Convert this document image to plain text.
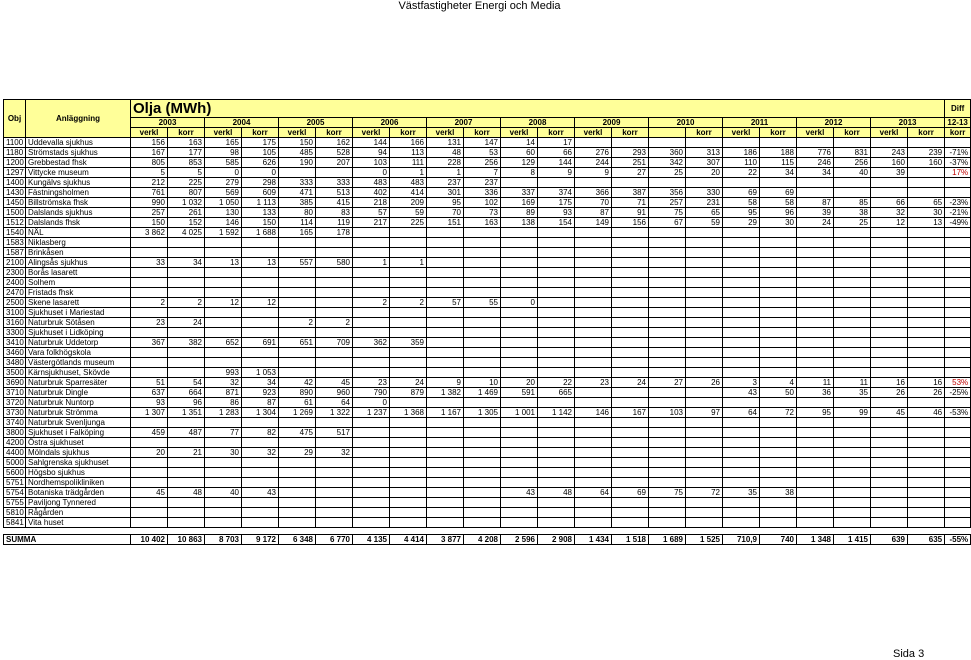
Västfastigheter Energi och Media
Obj	Anläggning	Olja (MWh)																						Diff
		2003		2004		2005		2006		2007		2008		2009		2010		2011		2012		2013		12-13
		verkl	korr	verkl	korr	verkl	korr	verkl	korr	verkl	korr	verkl	korr	verkl	korr		korr	verkl	korr	verkl	korr	verkl	korr	korr
1100	Uddevalla sjukhus	156	163	165	175	150	162	144	166	131	147	14	17											
1180	Strömstads sjukhus	167	177	98	105	485	528	94	113	48	53	60	66	276	293	360	313	186	188	776	831	243	239	-71%
1200	Grebbestad fhsk	805	853	585	626	190	207	103	111	228	256	129	144	244	251	342	307	110	115	246	256	160	160	-37%
1297	Vittycke museum	5	5	0	0			0	1	1	7	8	9	9	27	25	20	22	34	34	40	39		17%
1400	Kungälvs sjukhus	212	225	279	298	333	333	483	483	237	237													
1430	Fästningsholmen	761	807	569	609	471	513	402	414	301	336	337	374	366	387	356	330	69	69					
1450	Billströmska fhsk	990	1 032	1 050	1 113	385	415	218	209	95	102	169	175	70	71	257	231	58	58	87	85	66	65	-23%
1500	Dalslands sjukhus	257	261	130	133	80	83	57	59	70	73	89	93	87	91	75	65	95	96	39	38	32	30	-21%
1512	Dalslands fhsk	150	152	146	150	114	119	217	225	151	163	138	154	149	156	67	59	29	30	24	25	12	13	-49%
1540	NÄL	3 862	4 025	1 592	1 688	165	178																	
1583	Niklasberg																							
1587	Brinkåsen																							
2100	Alingsås sjukhus	33	34	13	13	557	580	1	1															
2300	Borås lasarett																							
2400	Solhem																							
2470	Fristads fhsk																							
2500	Skene lasarett	2	2	12	12			2	2	57	55	0												
3100	Sjukhuset i Mariestad																							
3160	Naturbruk Sötåsen	23	24			2	2																	
3300	Sjukhuset i Lidköping																							
3410	Naturbruk Uddetorp	367	382	652	691	651	709	362	359															
3460	Vara folkhögskola																							
3480	Västergötlands museum																							
3500	Kärnsjukhuset, Skövde			993	1 053																			
3690	Naturbruk Sparresäter	51	54	32	34	42	45	23	24	9	10	20	22	23	24	27	26	3	4	11	11	16	16	53%
3710	Naturbruk Dingle	637	664	871	923	890	960	790	879	1 382	1 469	591	665					43	50	36	35	26	26	-25%
3720	Naturbruk Nuntorp	93	96	86	87	61	64	0																
3730	Naturbruk Strömma	1 307	1 351	1 283	1 304	1 269	1 322	1 237	1 368	1 167	1 305	1 001	1 142	146	167	103	97	64	72	95	99	45	46	-53%
3740	Naturbruk Svenljunga																							
3800	Sjukhuset i Falköping	459	487	77	82	475	517																	
4200	Östra sjukhuset																							
4400	Mölndals sjukhus	20	21	30	32	29	32																	
5000	Sahlgrenska sjukhuset																							
5600	Högsbo sjukhus																							
5751	Nordhemspolikliniken																							
5754	Botaniska trädgården	45	48	40	43							43	48	64	69	75	72	35	38					
5755	Paviljong Tynnered																							
5810	Rågården																							
5841	Vita huset																							

SUMMA		10 402	10 863	8 703	9 172	6 348	6 770	4 135	4 414	3 877	4 208	2 596	2 908	1 434	1 518	1 689	1 525	710,9	740	1 348	1 415	639	635	-55%
Sida 3
